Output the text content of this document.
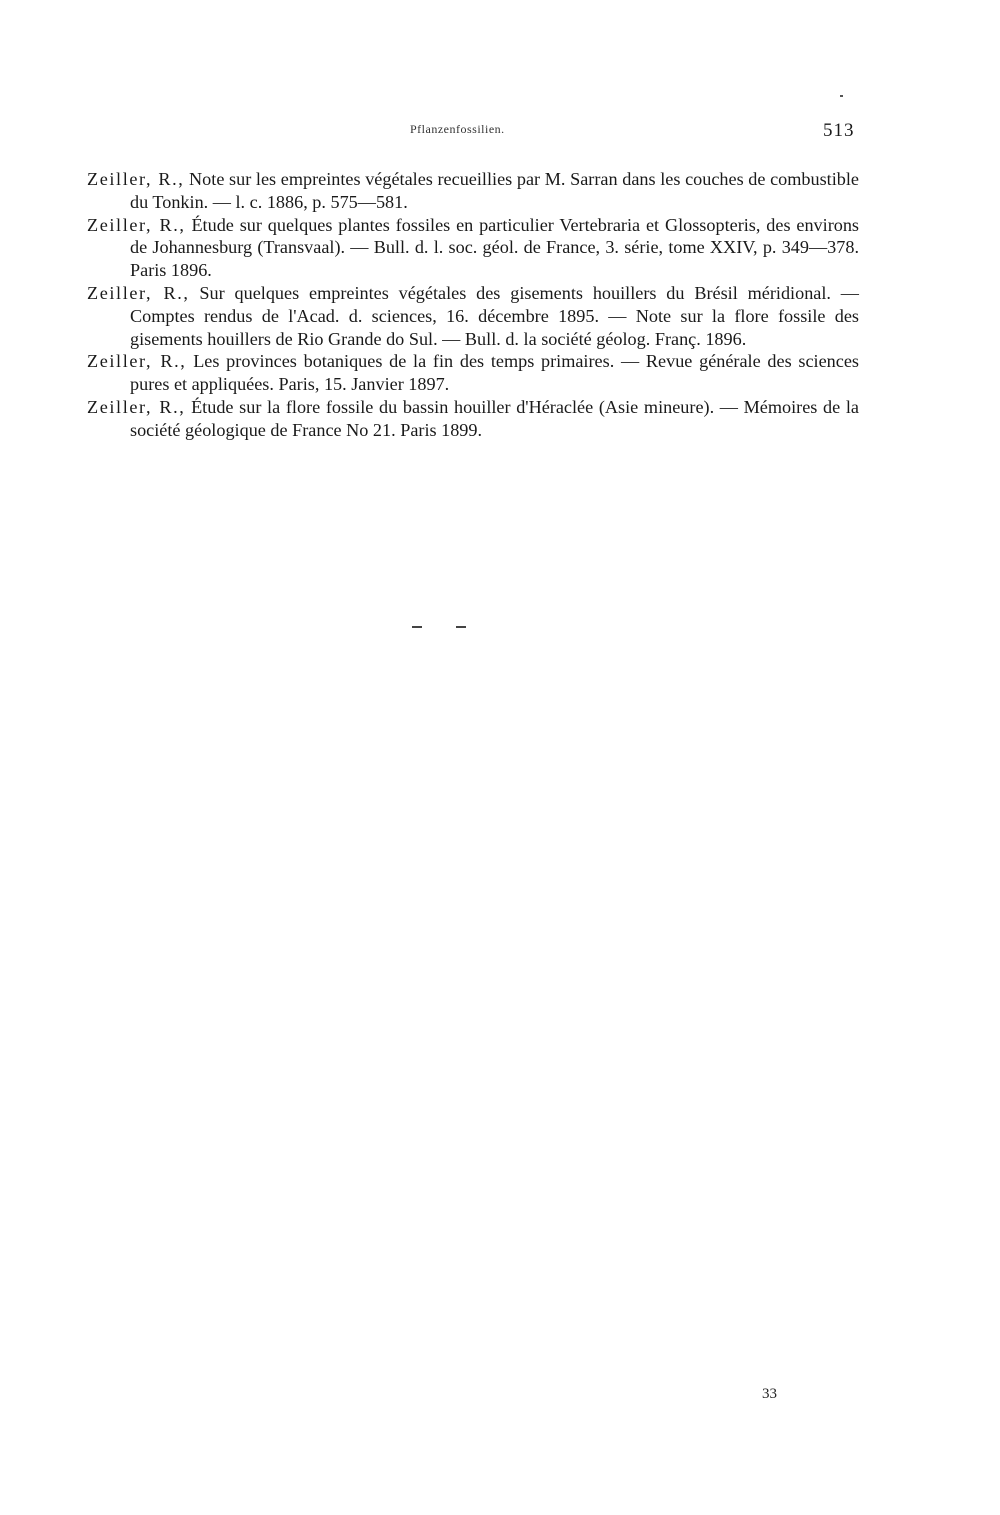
Pflanzenfossilien.	513

Zeiller, R., Note sur les empreintes végétales recueillies par M. Sarran dans les couches de combustible du Tonkin. — l. c. 1886, p. 575—581.

Zeiller, R., Étude sur quelques plantes fossiles en particulier Vertebraria et Glossopteris, des environs de Johannesburg (Transvaal). — Bull. d. l. soc. géol. de France, 3. série, tome XXIV, p. 349—378. Paris 1896.

Zeiller, R., Sur quelques empreintes végétales des gisements houillers du Brésil méridional. — Comptes rendus de l'Acad. d. sciences, 16. décembre 1895. — Note sur la flore fossile des gisements houillers de Rio Grande do Sul. — Bull. d. la société géolog. Franç. 1896.

Zeiller, R., Les provinces botaniques de la fin des temps primaires. — Revue générale des sciences pures et appliquées. Paris, 15. Janvier 1897.

Zeiller, R., Étude sur la flore fossile du bassin houiller d'Héraclée (Asie mineure). — Mémoires de la société géologique de France No 21. Paris 1899.

33
